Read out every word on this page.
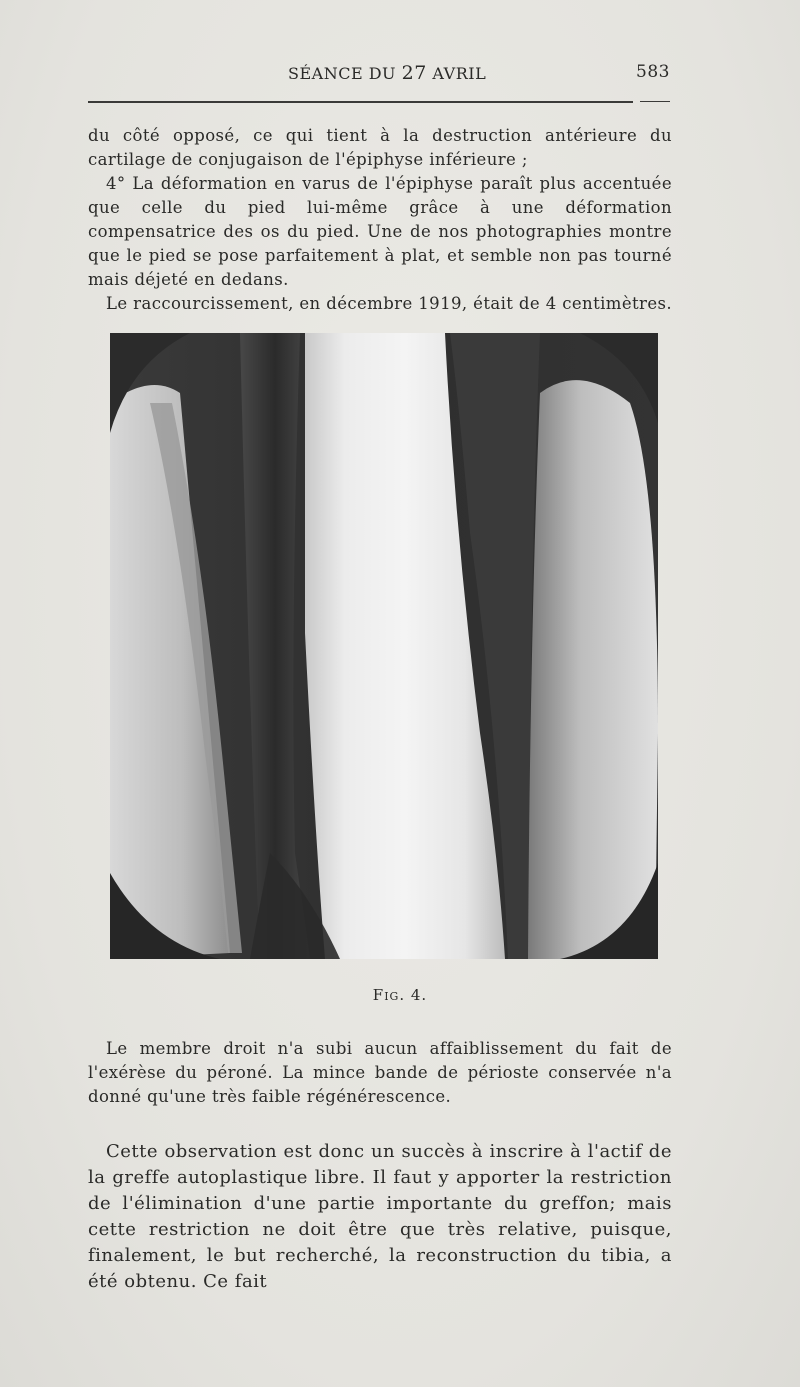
SÉANCE DU 27 AVRIL	583

du côté opposé, ce qui tient à la destruction antérieure du cartilage de conjugaison de l'épiphyse inférieure ;

4° La déformation en varus de l'épiphyse paraît plus accentuée que celle du pied lui-même grâce à une déformation compensatrice des os du pied. Une de nos photographies montre que le pied se pose parfaitement à plat, et semble non pas tourné mais déjeté en dedans.

Le raccourcissement, en décembre 1919, était de 4 centimètres.

Fig. 4.

Le membre droit n'a subi aucun affaiblissement du fait de l'exérèse du péroné. La mince bande de périoste conservée n'a donné qu'une très faible régénérescence.

Cette observation est donc un succès à inscrire à l'actif de la greffe autoplastique libre. Il faut y apporter la restriction de l'élimination d'une partie importante du greffon; mais cette restriction ne doit être que très relative, puisque, finalement, le but recherché, la reconstruction du tibia, a été obtenu. Ce fait
